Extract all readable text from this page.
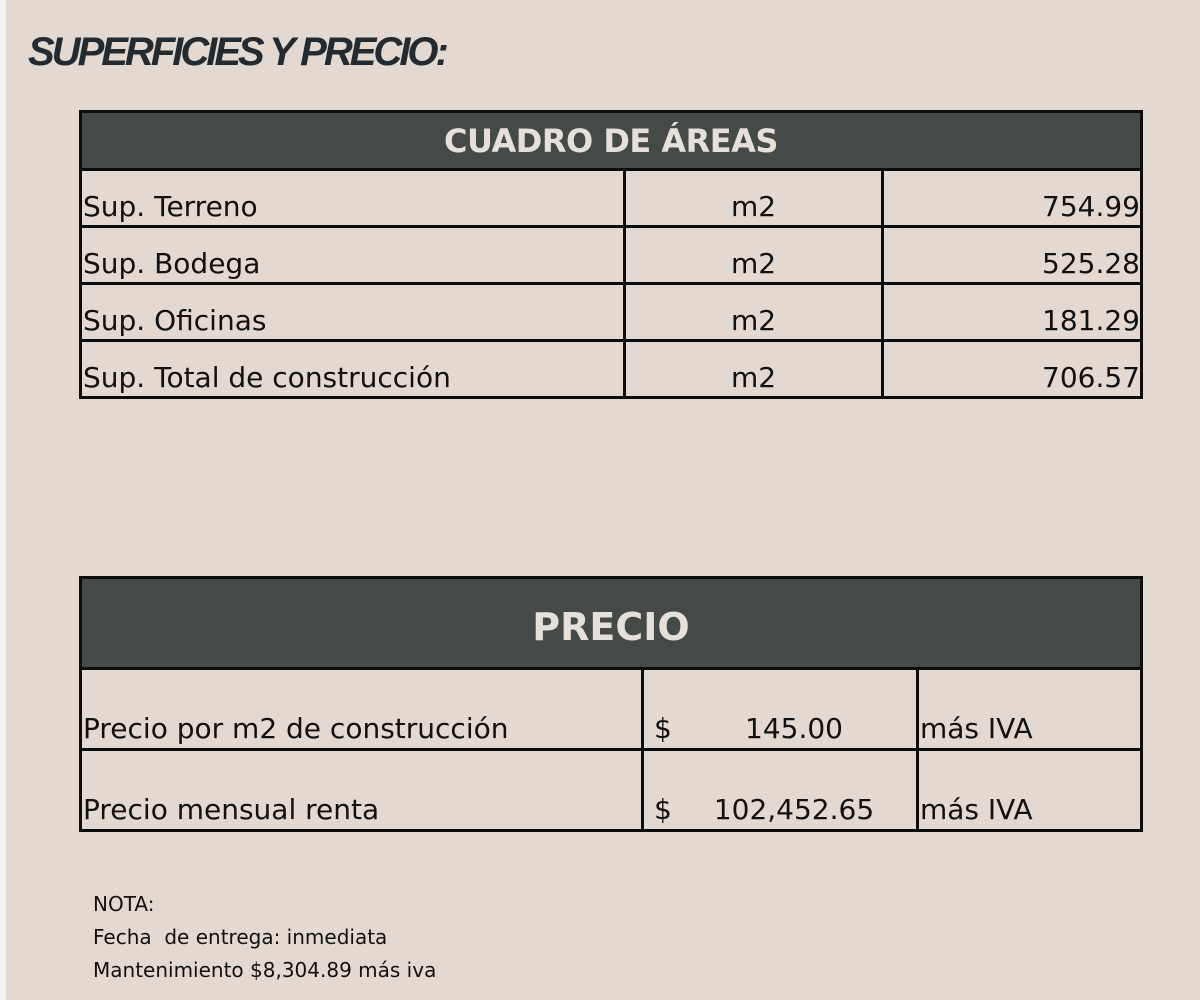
SUPERFICIES Y PRECIO:
CUADRO DE ÁREAS		
Sup. Terreno	m2	754.99
Sup. Bodega	m2	525.28
Sup. Oficinas	m2	181.29
Sup. Total de construcción	m2	706.57
PRECIO		
Precio por m2 de construcción	$ 145.00	más IVA
Precio mensual renta	$ 102,452.65	más IVA
NOTA:
Fecha  de entrega: inmediata
Mantenimiento $8,304.89 más iva
